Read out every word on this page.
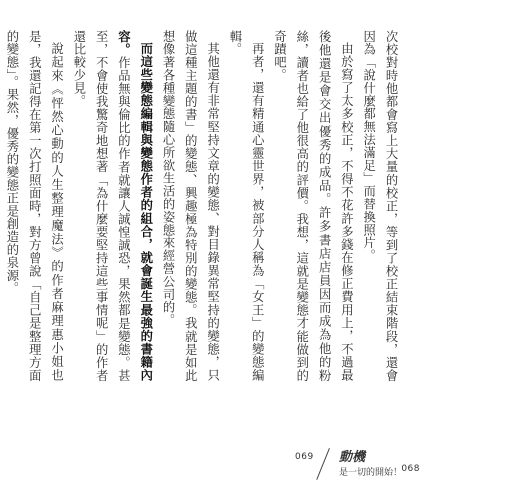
次校對時他都會寫上大量的校正，等到了校正結束階段，還會因為「說什麼都無法滿足」而替換照片。

由於寫了太多校正，不得不花許多錢在修正費用上，不過最後他還是會交出優秀的成品。許多書店店員因而成為他的粉絲，讀者也給了他很高的評價。我想，這就是變態才能做到的奇蹟吧。

再者，還有精通心靈世界，被部分人稱為「女王」的變態編輯。

其他還有非常堅持文章的變態、對目錄異常堅持的變態，只做這種主題的書」的變態、興趣極為特別的變態。我就是如此想像著各種變態隨心所欲生活的姿態來經營公司的。

而這些變態編輯與變態作者的組合，就會誕生最強的書籍內容。作品無與倫比的作者就讓人誠惶誠恐，果然都是變態。甚至，不會使我驚奇地想著「為什麼要堅持這些事情呢」的作者還比較少見。

說起來《怦然心動的人生整理魔法》的作者麻理惠小姐也是，我還記得在第一次打照面時，對方曾說「自己是整理方面的變態」。果然，優秀的變態正是創造的泉源。

069 動機
是一切的開始！ 068
